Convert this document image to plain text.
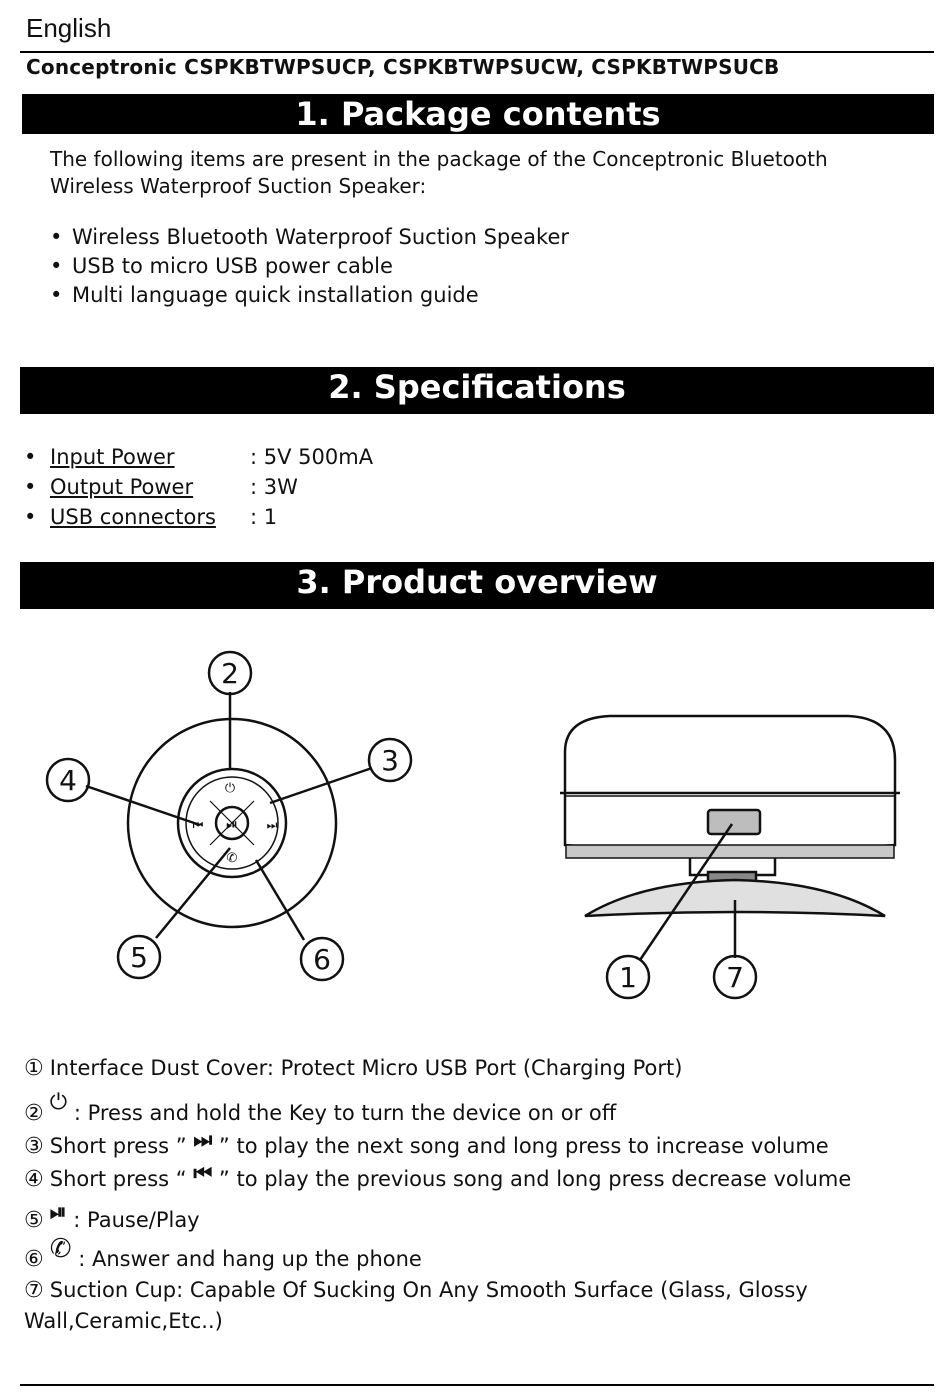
English
Conceptronic CSPKBTWPSUCP, CSPKBTWPSUCW, CSPKBTWPSUCB
1. Package contents
The following items are present in the package of the Conceptronic Bluetooth Wireless Waterproof Suction Speaker:
• Wireless Bluetooth Waterproof Suction Speaker
• USB to micro USB power cable
• Multi language quick installation guide
2. Specifications
• Input Power	: 5V 500mA
• Output Power	: 3W
• USB connectors	: 1
3. Product overview
⏻
⏮	⏭
⏯
✆
2
4
3
5	6
1	7
① Interface Dust Cover: Protect Micro USB Port (Charging Port)
② ⏻ : Press and hold the Key to turn the device on or off
③ Short press ” ⏭ ” to play the next song and long press to increase volume
④ Short press “ ⏮ ” to play the previous song and long press decrease volume
⑤ ⏯ : Pause/Play
⑥ ✆ : Answer and hang up the phone
⑦ Suction Cup: Capable Of Sucking On Any Smooth Surface (Glass, Glossy
Wall,Ceramic,Etc..)
